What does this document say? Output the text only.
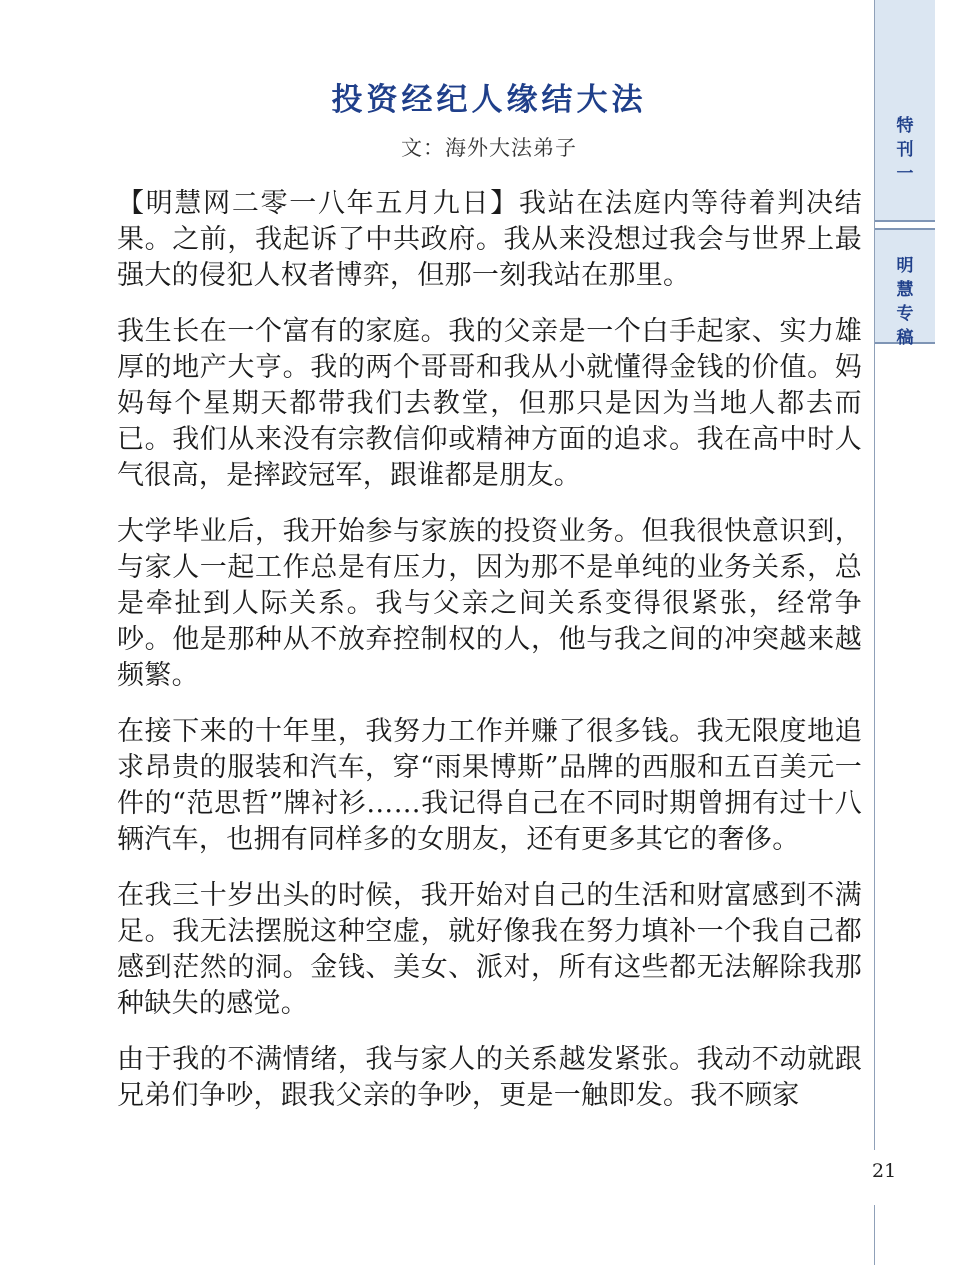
特
刊
一
明
慧
专
稿
21
投资经纪人缘结大法
文：海外大法弟子

【明慧网二零一八年五月九日】我站在法庭内等待着判决结果。之前，我起诉了中共政府。我从来没想过我会与世界上最强大的侵犯人权者博弈，但那一刻我站在那里。

我生长在一个富有的家庭。我的父亲是一个白手起家、实力雄厚的地产大亨。我的两个哥哥和我从小就懂得金钱的价值。妈妈每个星期天都带我们去教堂，但那只是因为当地人都去而已。我们从来没有宗教信仰或精神方面的追求。我在高中时人气很高，是摔跤冠军，跟谁都是朋友。

大学毕业后，我开始参与家族的投资业务。但我很快意识到，与家人一起工作总是有压力，因为那不是单纯的业务关系，总是牵扯到人际关系。我与父亲之间关系变得很紧张，经常争吵。他是那种从不放弃控制权的人，他与我之间的冲突越来越频繁。

在接下来的十年里，我努力工作并赚了很多钱。我无限度地追求昂贵的服装和汽车，穿“雨果博斯”品牌的西服和五百美元一件的“范思哲”牌衬衫……我记得自己在不同时期曾拥有过十八辆汽车，也拥有同样多的女朋友，还有更多其它的奢侈。

在我三十岁出头的时候，我开始对自己的生活和财富感到不满足。我无法摆脱这种空虚，就好像我在努力填补一个我自己都感到茫然的洞。金钱、美女、派对，所有这些都无法解除我那种缺失的感觉。

由于我的不满情绪，我与家人的关系越发紧张。我动不动就跟兄弟们争吵，跟我父亲的争吵，更是一触即发。我不顾家
